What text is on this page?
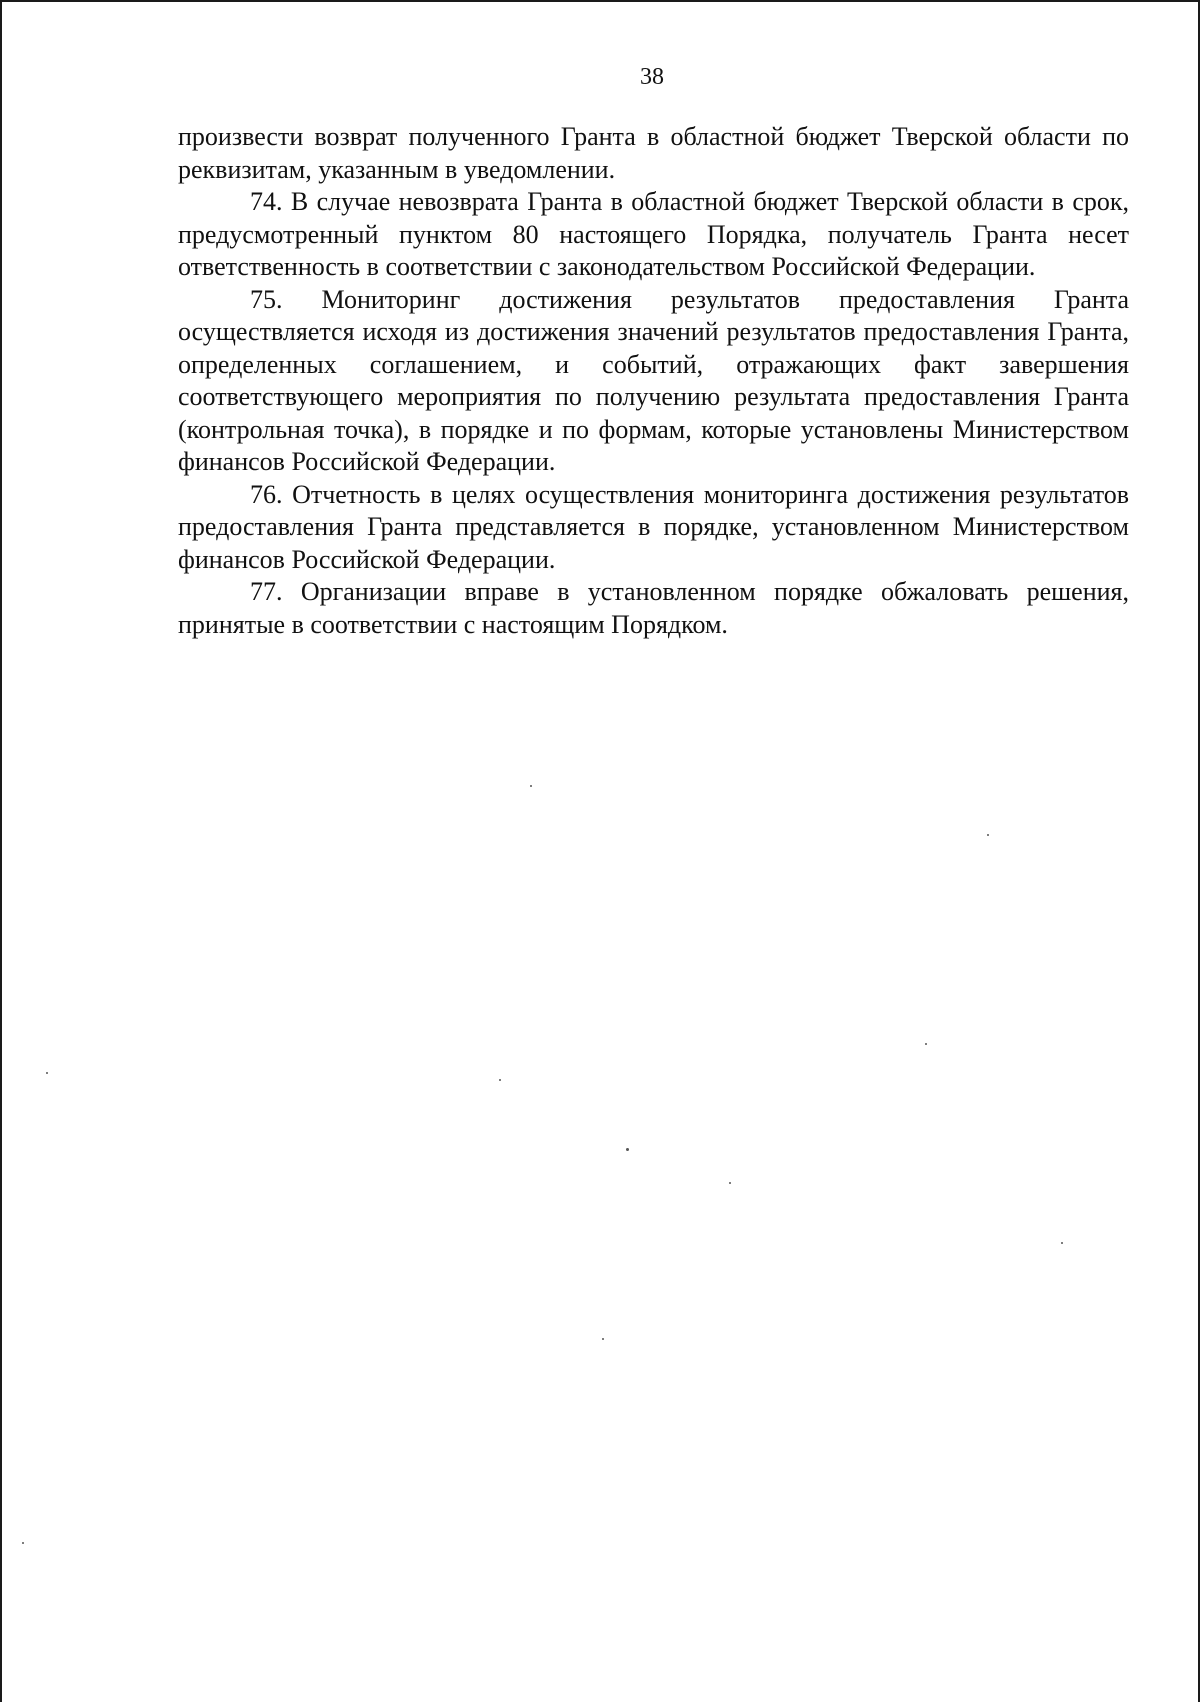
38

произвести возврат полученного Гранта в областной бюджет Тверской области по реквизитам, указанным в уведомлении.

74. В случае невозврата Гранта в областной бюджет Тверской области в срок, предусмотренный пунктом 80 настоящего Порядка, получатель Гранта несет ответственность в соответствии с законодательством Российской Федерации.

75. Мониторинг достижения результатов предоставления Гранта осуществляется исходя из достижения значений результатов предоставления Гранта, определенных соглашением, и событий, отражающих факт завершения соответствующего мероприятия по получению результата предоставления Гранта (контрольная точка), в порядке и по формам, которые установлены Министерством финансов Российской Федерации.

76. Отчетность в целях осуществления мониторинга достижения результатов предоставления Гранта представляется в порядке, установленном Министерством финансов Российской Федерации.

77. Организации вправе в установленном порядке обжаловать решения, принятые в соответствии с настоящим Порядком.
